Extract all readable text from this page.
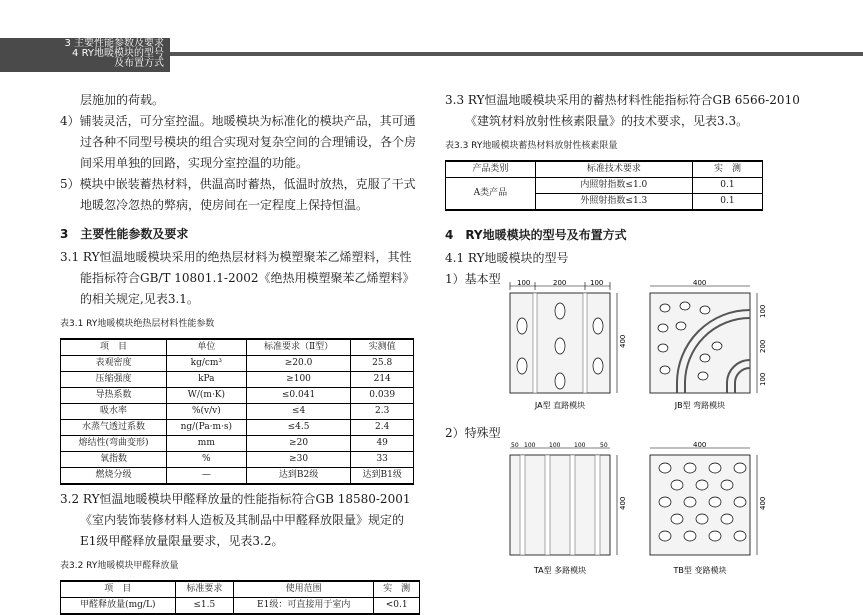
3 主要性能参数及要求
4 RY地暖模块的型号
及布置方式

层施加的荷载。

4）铺装灵活，可分室控温。地暖模块为标准化的模块产品，其可通过各种不同型号模块的组合实现对复杂空间的合理铺设，各个房间采用单独的回路，实现分室控温的功能。

5）模块中嵌装蓄热材料，供温高时蓄热，低温时放热，克服了干式地暖忽冷忽热的弊病，使房间在一定程度上保持恒温。

3　主要性能参数及要求

3.1 RY恒温地暖模块采用的绝热层材料为模塑聚苯乙烯塑料，其性能指标符合GB/T 10801.1-2002《绝热用模塑聚苯乙烯塑料》的相关规定,见表3.1。

表3.1 RY地暖模块绝热层材料性能参数
项　目	单位	标准要求（Ⅱ型）	实测值
表观密度	kg/cm³	≥20.0	25.8
压缩强度	kPa	≥100	214
导热系数	W/(m·K)	≤0.041	0.039
吸水率	%(v/v)	≤4	2.3
水蒸气透过系数	ng/(Pa·m·s)	≤4.5	2.4
熔结性(弯曲变形)	mm	≥20	49
氧指数	%	≥30	33
燃烧分级	—	达到B2级	达到B1级

3.2 RY恒温地暖模块甲醛释放量的性能指标符合GB 18580-2001《室内装饰装修材料人造板及其制品中甲醛释放限量》规定的E1级甲醛释放量限量要求，见表3.2。

表3.2 RY地暖模块甲醛释放量
项　目	标准要求	使用范围	实　测
甲醛释放量(mg/L)	≤1.5	E1级：可直接用于室内	<0.1

3.3 RY恒温地暖模块采用的蓄热材料性能指标符合GB 6566-2010《建筑材料放射性核素限量》的技术要求，见表3.3。

表3.3 RY地暖模块蓄热材料放射性核素限量
产品类别	标准技术要求	实　测
A类产品	内照射指数≤1.0	0.1
	外照射指数≤1.3	0.1
4　RY地暖模块的型号及布置方式
4.1 RY地暖模块的型号
1）基本型	100	200	100
400
JA型 直路模块
400
100
200
100
JB型 弯路模块
2）特殊型
50 100 100 100 50
400
TA型 多路模块
400
400
TB型 变路模块
